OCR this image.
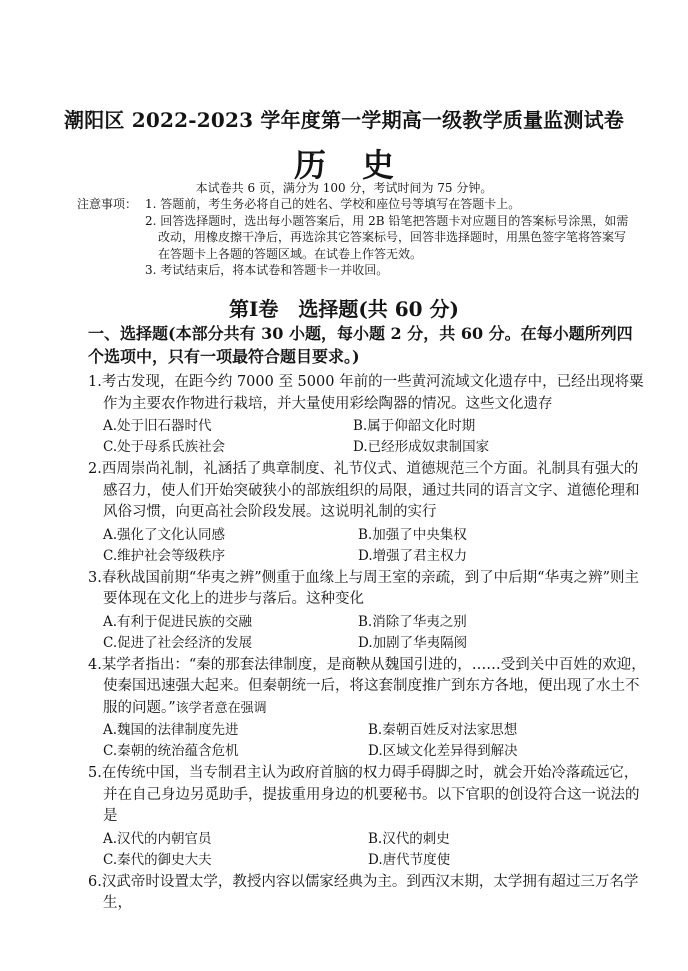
潮阳区 2022-2023 学年度第一学期高一级教学质量监测试卷
历史
本试卷共 6 页，满分为 100 分，考试时间为 75 分钟。
注意事项： 1. 答题前，考生务必将自己的姓名、学校和座位号等填写在答题卡上。
2. 回答选择题时，选出每小题答案后，用 2B 铅笔把答题卡对应题目的答案标号涂黑，如需改动，用橡皮擦干净后，再选涂其它答案标号，回答非选择题时，用黑色签字笔将答案写在答题卡上各题的答题区域。在试卷上作答无效。
3. 考试结束后，将本试卷和答题卡一并收回。
第Ⅰ卷　选择题(共 60 分)
一、选择题(本部分共有 30 小题，每小题 2 分，共 60 分。在每小题所列四个选项中，只有一项最符合题目要求。)
1.考古发现，在距今约 7000 至 5000 年前的一些黄河流域文化遗存中，已经出现将粟作为主要农作物进行栽培，并大量使用彩绘陶器的情况。这些文化遗存
A.处于旧石器时代	B.属于仰韶文化时期
C.处于母系氏族社会	D.已经形成奴隶制国家
2.西周崇尚礼制，礼涵括了典章制度、礼节仪式、道德规范三个方面。礼制具有强大的感召力，使人们开始突破狭小的部族组织的局限，通过共同的语言文字、道德伦理和风俗习惯，向更高社会阶段发展。这说明礼制的实行
A.强化了文化认同感	B.加强了中央集权
C.维护社会等级秩序	D.增强了君主权力
3.春秋战国前期“华夷之辨”侧重于血缘上与周王室的亲疏，到了中后期“华夷之辨”则主要体现在文化上的进步与落后。这种变化
A.有利于促进民族的交融	B.消除了华夷之别
C.促进了社会经济的发展	D.加剧了华夷隔阂
4.某学者指出：“秦的那套法律制度，是商鞅从魏国引进的，……受到关中百姓的欢迎，使秦国迅速强大起来。但秦朝统一后，将这套制度推广到东方各地，便出现了水土不服的问题。”该学者意在强调
A.魏国的法律制度先进	B.秦朝百姓反对法家思想
C.秦朝的统治蕴含危机	D.区域文化差异得到解决
5.在传统中国，当专制君主认为政府首脑的权力碍手碍脚之时，就会开始冷落疏远它，并在自己身边另觅助手，提拔重用身边的机要秘书。以下官职的创设符合这一说法的是
A.汉代的内朝官员	B.汉代的刺史
C.秦代的御史大夫	D.唐代节度使
6.汉武帝时设置太学，教授内容以儒家经典为主。到西汉末期，太学拥有超过三万名学生，
